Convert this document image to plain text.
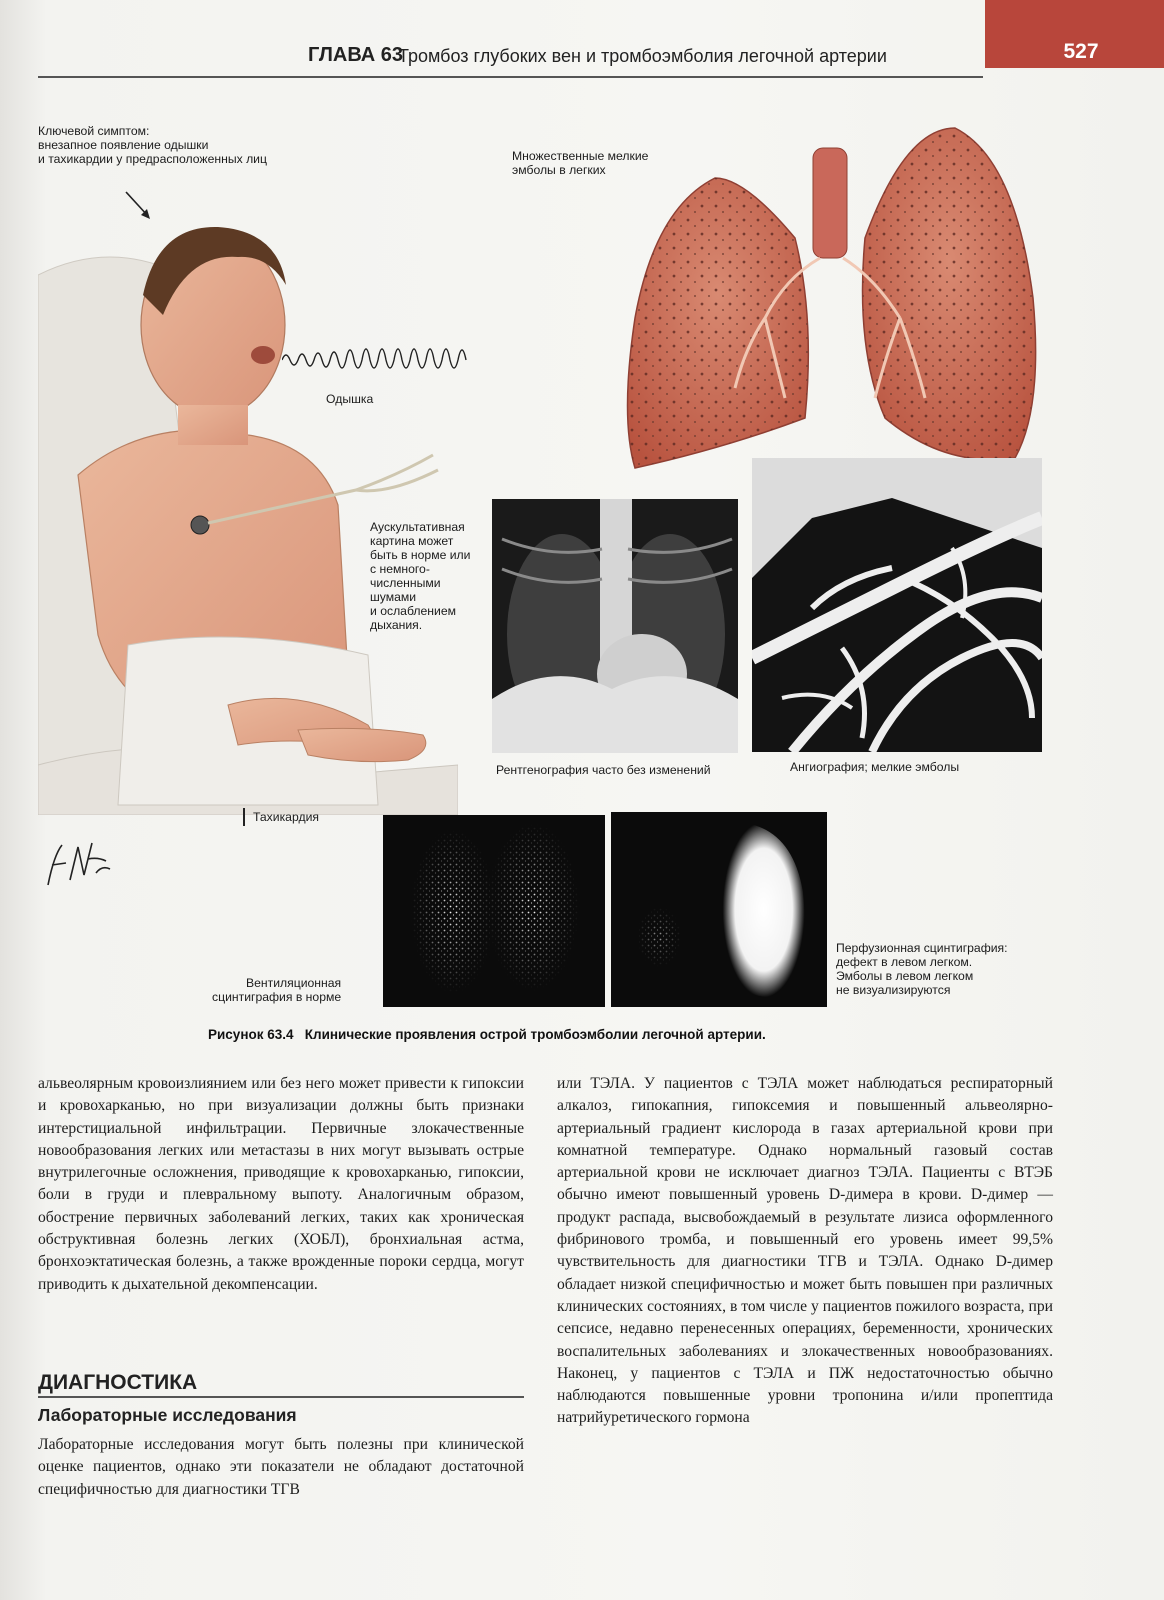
ГЛАВА 63
Тромбоз глубоких вен и тромбоэмболия легочной артерии	527
Ключевой симптом:
внезапное появление одышки
и тахикардии у предрасположенных лиц
Одышка
Аускультативная
картина может
быть в норме или
с немного-
численными
шумами
и ослаблением
дыхания.
Тахикардия
Множественные мелкие
эмболы в легких
Рентгенография часто без изменений	Ангиография; мелкие эмболы
Вентиляционная
сцинтиграфия в норме
Перфузионная сцинтиграфия:
дефект в левом легком.
Эмболы в левом легком
не визуализируются
Рисунок 63.4 Клинические проявления острой тромбоэмболии легочной артерии.

альвеолярным кровоизлиянием или без него может привести к гипоксии и кровохарканью, но при визуализации должны быть признаки интерстициальной инфильтрации. Первичные злокачественные новообразования легких или метастазы в них могут вызывать острые внутрилегочные осложнения, приводящие к кровохарканью, гипоксии, боли в груди и плевральному выпоту. Аналогичным образом, обострение первичных заболеваний легких, таких как хроническая обструктивная болезнь легких (ХОБЛ), бронхиальная астма, бронхоэктатическая болезнь, а также врожденные пороки сердца, могут приводить к дыхательной декомпенсации.

ДИАГНОСТИКА
Лабораторные исследования

Лабораторные исследования могут быть полезны при клинической оценке пациентов, однако эти показатели не обладают достаточной специфичностью для диагностики ТГВ

или ТЭЛА. У пациентов с ТЭЛА может наблюдаться респираторный алкалоз, гипокапния, гипоксемия и повышенный альвеолярно-артериальный градиент кислорода в газах артериальной крови при комнатной температуре. Однако нормальный газовый состав артериальной крови не исключает диагноз ТЭЛА. Пациенты с ВТЭБ обычно имеют повышенный уровень D-димера в крови. D-димер — продукт распада, высвобождаемый в результате лизиса оформленного фибринового тромба, и повышенный его уровень имеет 99,5% чувствительность для диагностики ТГВ и ТЭЛА. Однако D-димер обладает низкой специфичностью и может быть повышен при различных клинических состояниях, в том числе у пациентов пожилого возраста, при сепсисе, недавно перенесенных операциях, беременности, хронических воспалительных заболеваниях и злокачественных новообразованиях. Наконец, у пациентов с ТЭЛА и ПЖ недостаточностью обычно наблюдаются повышенные уровни тропонина и/или пропептида натрийуретического гормона
